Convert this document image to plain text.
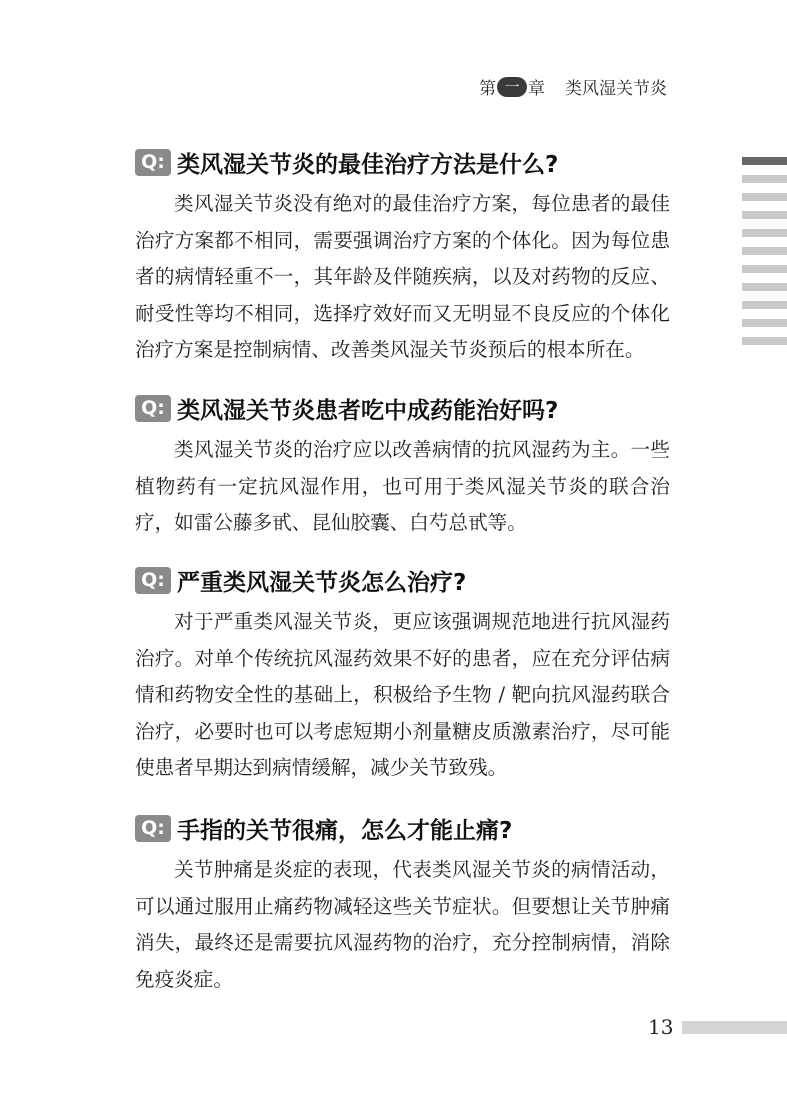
第 一 章 类风湿关节炎
Q: 类风湿关节炎的最佳治疗方法是什么?

类风湿关节炎没有绝对的最佳治疗方案，每位患者的最佳治疗方案都不相同，需要强调治疗方案的个体化。因为每位患者的病情轻重不一，其年龄及伴随疾病，以及对药物的反应、耐受性等均不相同，选择疗效好而又无明显不良反应的个体化治疗方案是控制病情、改善类风湿关节炎预后的根本所在。

Q: 类风湿关节炎患者吃中成药能治好吗?

类风湿关节炎的治疗应以改善病情的抗风湿药为主。一些植物药有一定抗风湿作用，也可用于类风湿关节炎的联合治疗，如雷公藤多甙、昆仙胶囊、白芍总甙等。

Q: 严重类风湿关节炎怎么治疗?

对于严重类风湿关节炎，更应该强调规范地进行抗风湿药治疗。对单个传统抗风湿药效果不好的患者，应在充分评估病情和药物安全性的基础上，积极给予生物 / 靶向抗风湿药联合治疗，必要时也可以考虑短期小剂量糖皮质激素治疗，尽可能使患者早期达到病情缓解，减少关节致残。

Q: 手指的关节很痛，怎么才能止痛?

关节肿痛是炎症的表现，代表类风湿关节炎的病情活动，可以通过服用止痛药物减轻这些关节症状。但要想让关节肿痛消失，最终还是需要抗风湿药物的治疗，充分控制病情，消除免疫炎症。

13
